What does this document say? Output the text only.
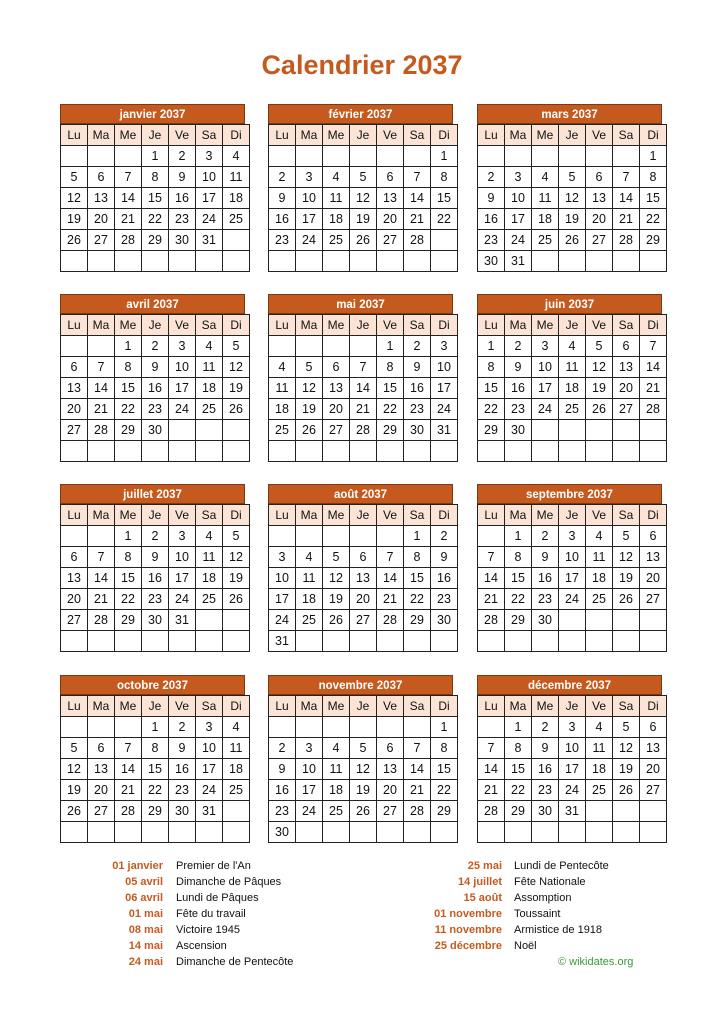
Calendrier 2037
janvier 2037
Lu	Ma	Me	Je	Ve	Sa	Di
			1	2	3	4
5	6	7	8	9	10	11
12	13	14	15	16	17	18
19	20	21	22	23	24	25
26	27	28	29	30	31	

février 2037
Lu	Ma	Me	Je	Ve	Sa	Di
						1
2	3	4	5	6	7	8
9	10	11	12	13	14	15
16	17	18	19	20	21	22
23	24	25	26	27	28	

mars 2037
Lu	Ma	Me	Je	Ve	Sa	Di
						1
2	3	4	5	6	7	8
9	10	11	12	13	14	15
16	17	18	19	20	21	22
23	24	25	26	27	28	29
30	31					
avril 2037
Lu	Ma	Me	Je	Ve	Sa	Di
		1	2	3	4	5
6	7	8	9	10	11	12
13	14	15	16	17	18	19
20	21	22	23	24	25	26
27	28	29	30			

mai 2037
Lu	Ma	Me	Je	Ve	Sa	Di
				1	2	3
4	5	6	7	8	9	10
11	12	13	14	15	16	17
18	19	20	21	22	23	24
25	26	27	28	29	30	31

juin 2037
Lu	Ma	Me	Je	Ve	Sa	Di
1	2	3	4	5	6	7
8	9	10	11	12	13	14
15	16	17	18	19	20	21
22	23	24	25	26	27	28
29	30					

juillet 2037
Lu	Ma	Me	Je	Ve	Sa	Di
		1	2	3	4	5
6	7	8	9	10	11	12
13	14	15	16	17	18	19
20	21	22	23	24	25	26
27	28	29	30	31		

août 2037
Lu	Ma	Me	Je	Ve	Sa	Di
					1	2
3	4	5	6	7	8	9
10	11	12	13	14	15	16
17	18	19	20	21	22	23
24	25	26	27	28	29	30
31						
septembre 2037
Lu	Ma	Me	Je	Ve	Sa	Di
	1	2	3	4	5	6
7	8	9	10	11	12	13
14	15	16	17	18	19	20
21	22	23	24	25	26	27
28	29	30				

octobre 2037
Lu	Ma	Me	Je	Ve	Sa	Di
			1	2	3	4
5	6	7	8	9	10	11
12	13	14	15	16	17	18
19	20	21	22	23	24	25
26	27	28	29	30	31	

novembre 2037
Lu	Ma	Me	Je	Ve	Sa	Di
						1
2	3	4	5	6	7	8
9	10	11	12	13	14	15
16	17	18	19	20	21	22
23	24	25	26	27	28	29
30						
décembre 2037
Lu	Ma	Me	Je	Ve	Sa	Di
	1	2	3	4	5	6
7	8	9	10	11	12	13
14	15	16	17	18	19	20
21	22	23	24	25	26	27
28	29	30	31			

01 janvier Premier de l'An
05 avril Dimanche de Pâques
06 avril Lundi de Pâques
01 mai Fête du travail
08 mai Victoire 1945
14 mai Ascension
24 mai Dimanche de Pentecôte
25 mai Lundi de Pentecôte
14 juillet Fête Nationale
15 août Assomption
01 novembre Toussaint
11 novembre Armistice de 1918
25 décembre Noël
© wikidates.org
